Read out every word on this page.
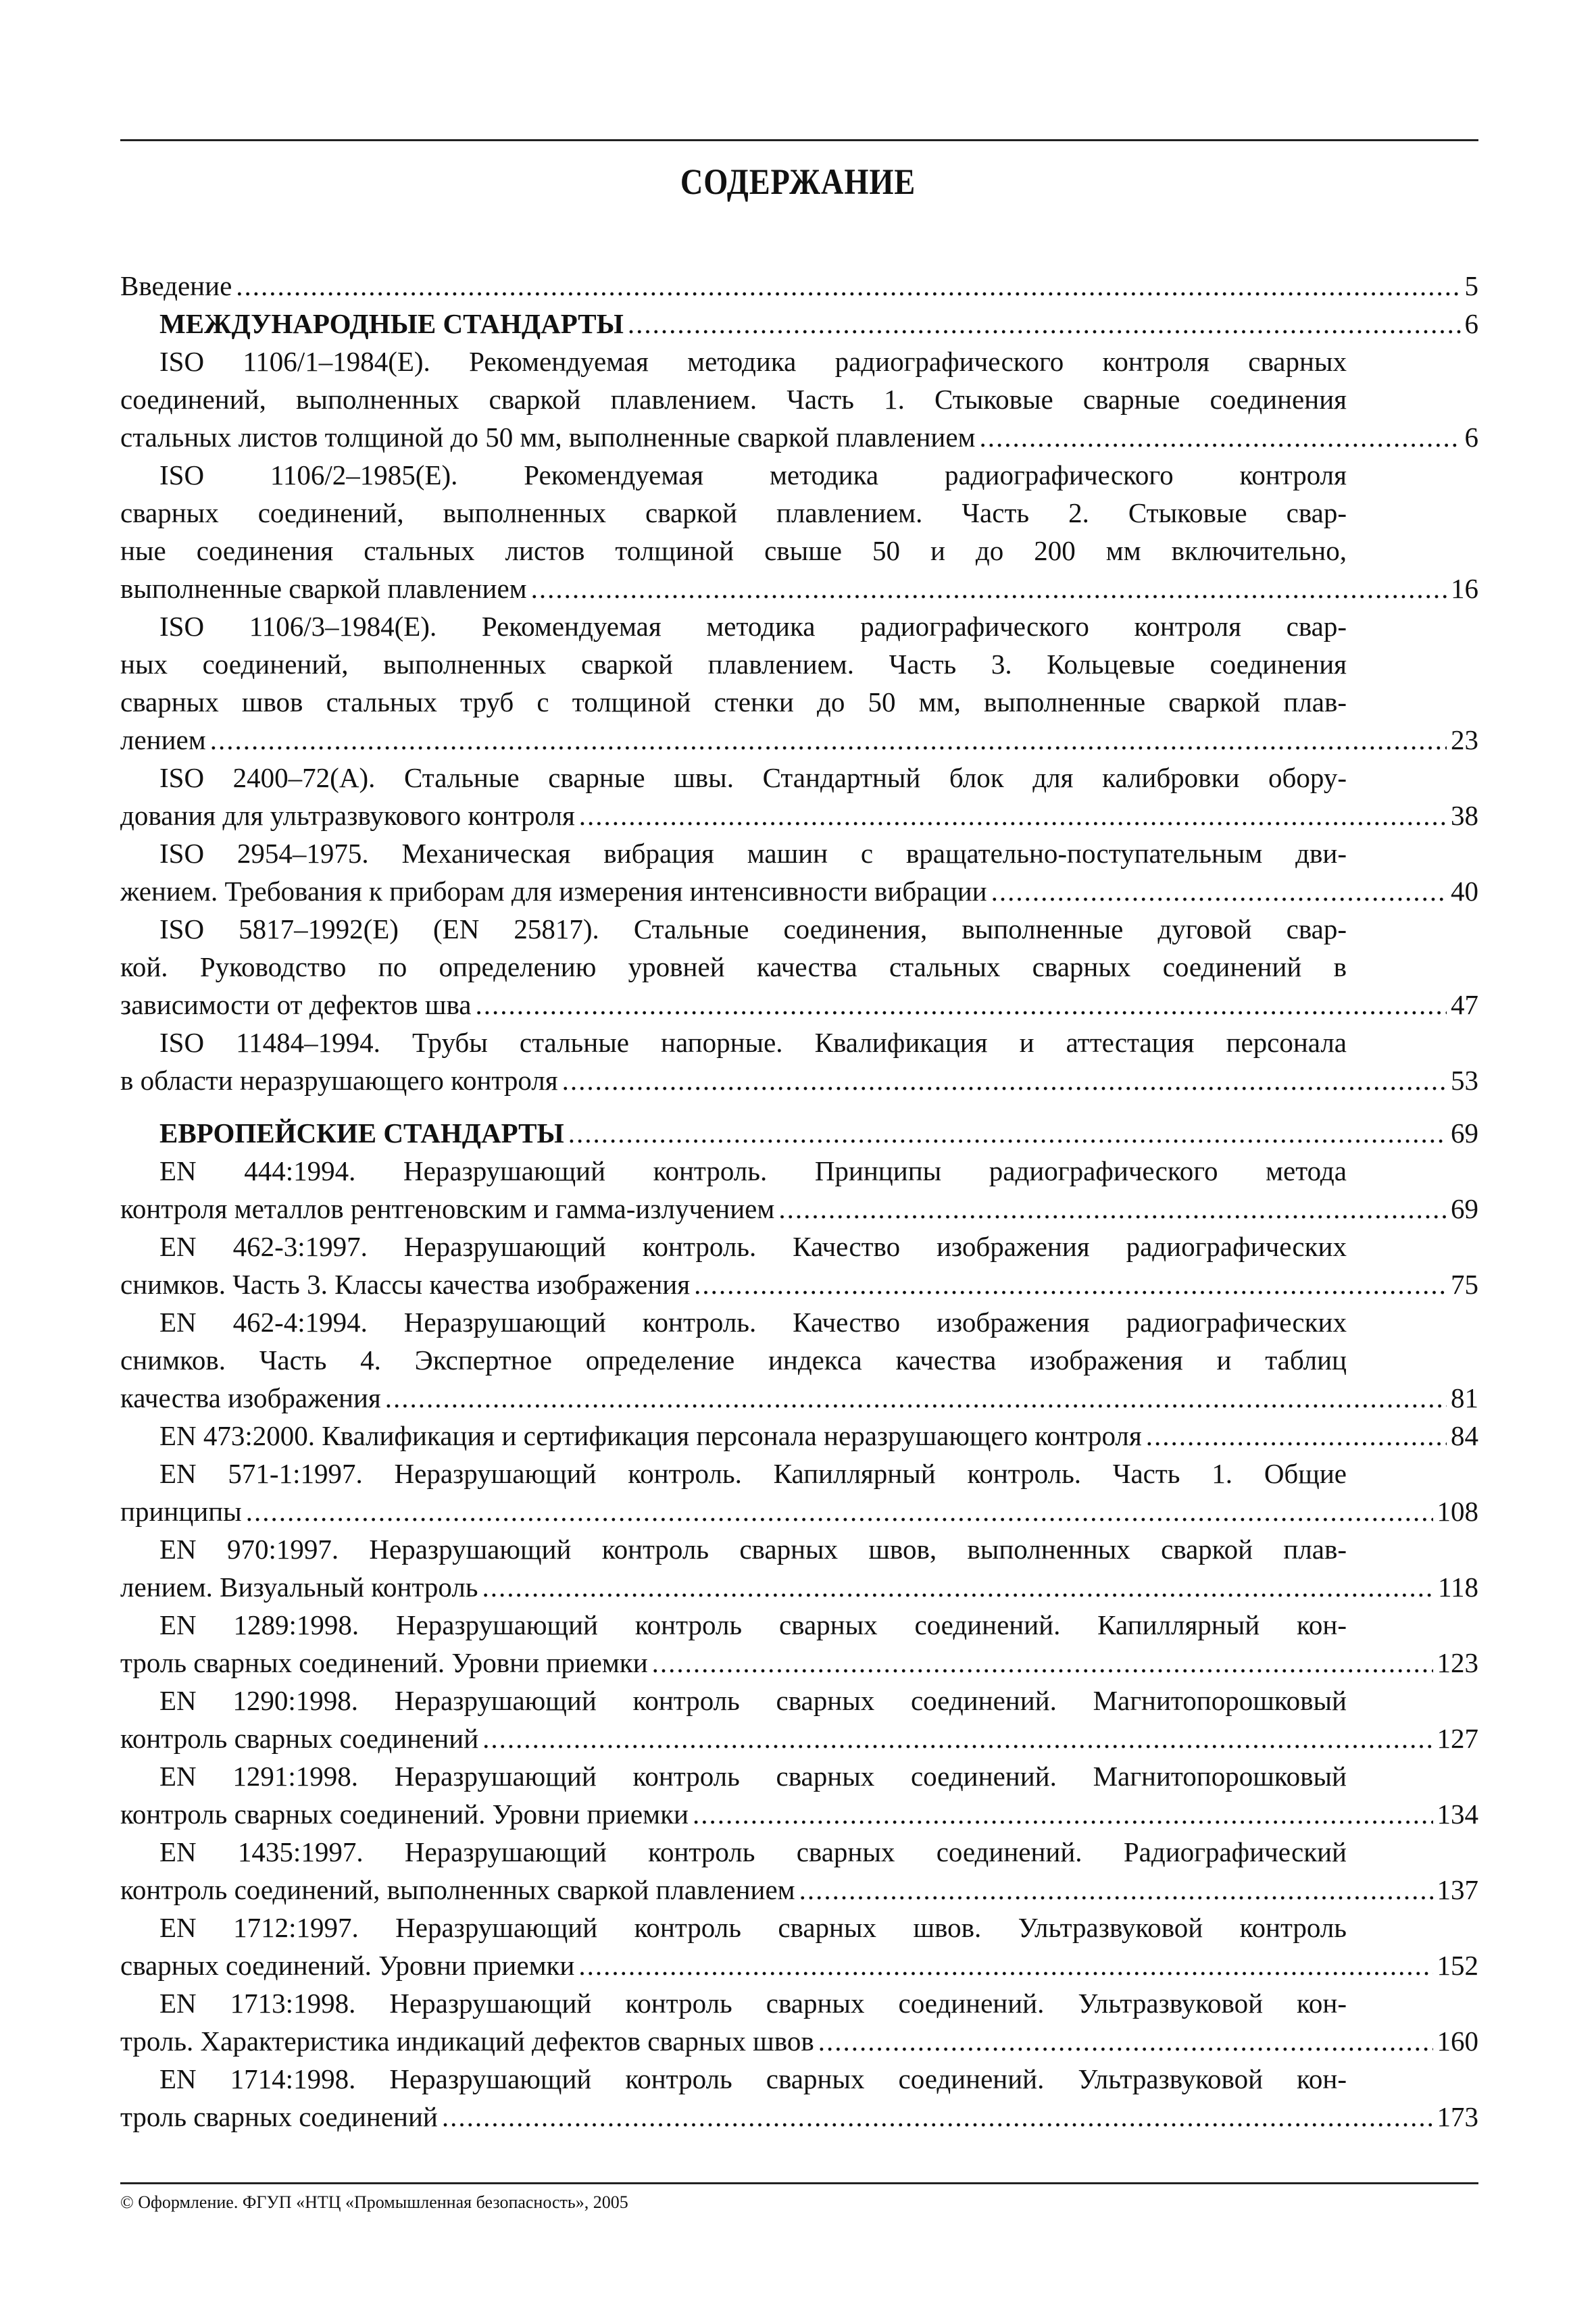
СОДЕРЖАНИЕ
Введение .....	5
МЕЖДУНАРОДНЫЕ СТАНДАРТЫ .....	6
ISO 1106/1–1984(E). Рекомендуемая методика радиографического контроля сварных
соединений, выполненных сваркой плавлением. Часть 1. Стыковые сварные соединения
стальных листов толщиной до 50 мм, выполненные сваркой плавлением .....	6
ISO 1106/2–1985(E). Рекомендуемая методика радиографического контроля
сварных соединений, выполненных сваркой плавлением. Часть 2. Стыковые свар-
ные соединения стальных листов толщиной свыше 50 и до 200 мм включительно,
выполненные сваркой плавлением .....	16
ISO 1106/3–1984(E). Рекомендуемая методика радиографического контроля свар-
ных соединений, выполненных сваркой плавлением. Часть 3. Кольцевые соединения
сварных швов стальных труб с толщиной стенки до 50 мм, выполненные сваркой плав-
лением .....	23
ISO 2400–72(A). Стальные сварные швы. Стандартный блок для калибровки обору-
дования для ультразвукового контроля .....	38
ISO 2954–1975. Механическая вибрация машин с вращательно-поступательным дви-
жением. Требования к приборам для измерения интенсивности вибрации .....	40
ISO 5817–1992(E) (EN 25817). Стальные соединения, выполненные дуговой свар-
кой. Руководство по определению уровней качества стальных сварных соединений в
зависимости от дефектов шва .....	47
ISO 11484–1994. Трубы стальные напорные. Квалификация и аттестация персонала
в области неразрушающего контроля .....	53
ЕВРОПЕЙСКИЕ СТАНДАРТЫ .....	69
EN 444:1994. Неразрушающий контроль. Принципы радиографического метода
контроля металлов рентгеновским и гамма-излучением .....	69
EN 462-3:1997. Неразрушающий контроль. Качество изображения радиографических
снимков. Часть 3. Классы качества изображения .....	75
EN 462-4:1994. Неразрушающий контроль. Качество изображения радиографических
снимков. Часть 4. Экспертное определение индекса качества изображения и таблиц
качества изображения .....	81
EN 473:2000. Квалификация и сертификация персонала неразрушающего контроля .....	84
EN 571-1:1997. Неразрушающий контроль. Капиллярный контроль. Часть 1. Общие
принципы .....	108
EN 970:1997. Неразрушающий контроль сварных швов, выполненных сваркой плав-
лением. Визуальный контроль .....	118
EN 1289:1998. Неразрушающий контроль сварных соединений. Капиллярный кон-
троль сварных соединений. Уровни приемки .....	123
EN 1290:1998. Неразрушающий контроль сварных соединений. Магнитопорошковый
контроль сварных соединений .....	127
EN 1291:1998. Неразрушающий контроль сварных соединений. Магнитопорошковый
контроль сварных соединений. Уровни приемки .....	134
EN 1435:1997. Неразрушающий контроль сварных соединений. Радиографический
контроль соединений, выполненных сваркой плавлением .....	137
EN 1712:1997. Неразрушающий контроль сварных швов. Ультразвуковой контроль
сварных соединений. Уровни приемки .....	152
EN 1713:1998. Неразрушающий контроль сварных соединений. Ультразвуковой кон-
троль. Характеристика индикаций дефектов сварных швов .....	160
EN 1714:1998. Неразрушающий контроль сварных соединений. Ультразвуковой кон-
троль сварных соединений .....	173
© Оформление. ФГУП «НТЦ «Промышленная безопасность», 2005
